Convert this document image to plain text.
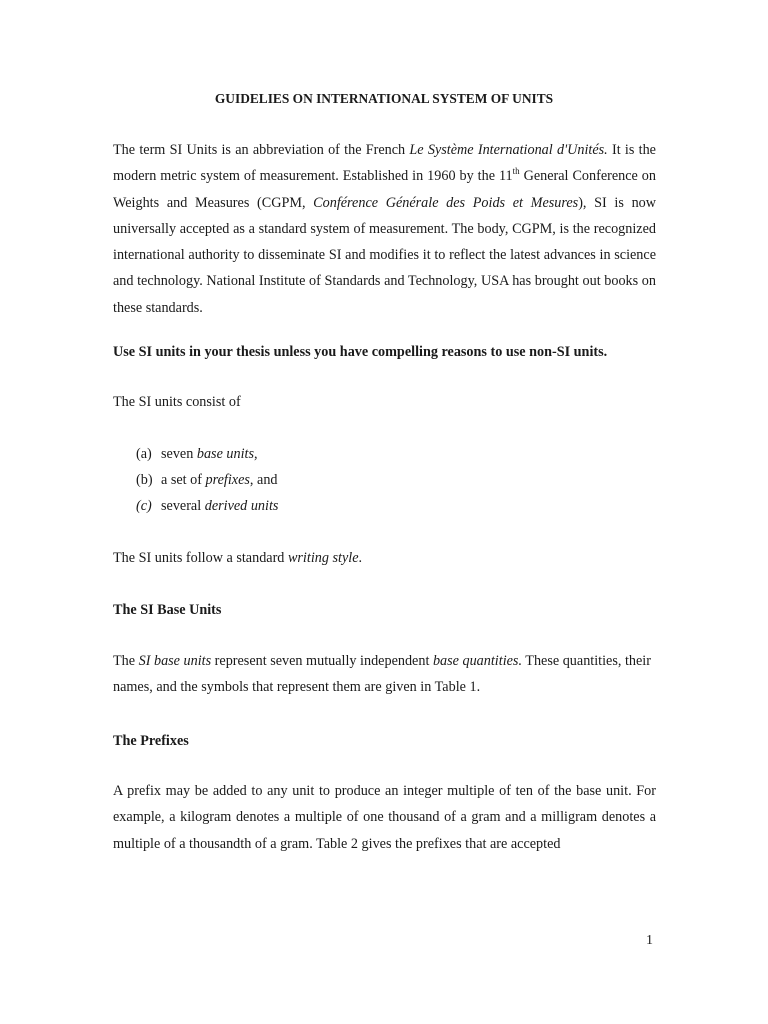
GUIDELIES ON INTERNATIONAL SYSTEM OF UNITS

The term SI Units is an abbreviation of the French Le Système International d'Unités. It is the modern metric system of measurement. Established in 1960 by the 11th General Conference on Weights and Measures (CGPM, Conférence Générale des Poids et Mesures), SI is now universally accepted as a standard system of measurement. The body, CGPM, is the recognized international authority to disseminate SI and modifies it to reflect the latest advances in science and technology. National Institute of Standards and Technology, USA has brought out books on these standards.

Use SI units in your thesis unless you have compelling reasons to use non-SI units.

The SI units consist of

(a) seven base units,
(b) a set of prefixes, and
(c) several derived units

The SI units follow a standard writing style.

The SI Base Units

The SI base units represent seven mutually independent base quantities. These quantities, their names, and the symbols that represent them are given in Table 1.

The Prefixes

A prefix may be added to any unit to produce an integer multiple of ten of the base unit. For example, a kilogram denotes a multiple of one thousand of a gram and a milligram denotes a multiple of a thousandth of a gram. Table 2 gives the prefixes that are accepted

1
